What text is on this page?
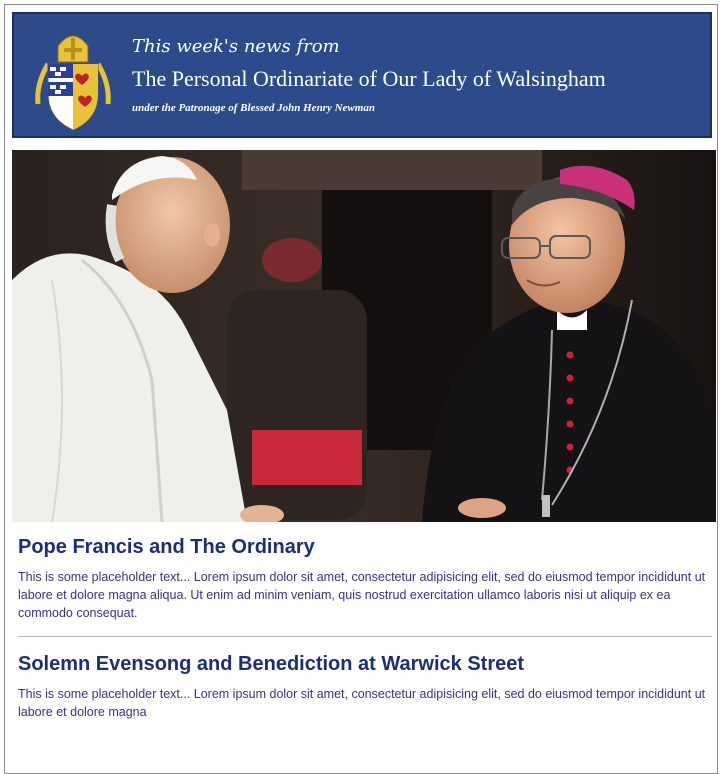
This week's news from
The Personal Ordinariate of Our Lady of Walsingham
under the Patronage of Blessed John Henry Newman
Pope Francis and The Ordinary

This is some placeholder text... Lorem ipsum dolor sit amet, consectetur adipisicing elit, sed do eiusmod tempor incididunt ut labore et dolore magna aliqua. Ut enim ad minim veniam, quis nostrud exercitation ullamco laboris nisi ut aliquip ex ea commodo consequat.

Solemn Evensong and Benediction at Warwick Street

This is some placeholder text... Lorem ipsum dolor sit amet, consectetur adipisicing elit, sed do eiusmod tempor incididunt ut labore et dolore magna
